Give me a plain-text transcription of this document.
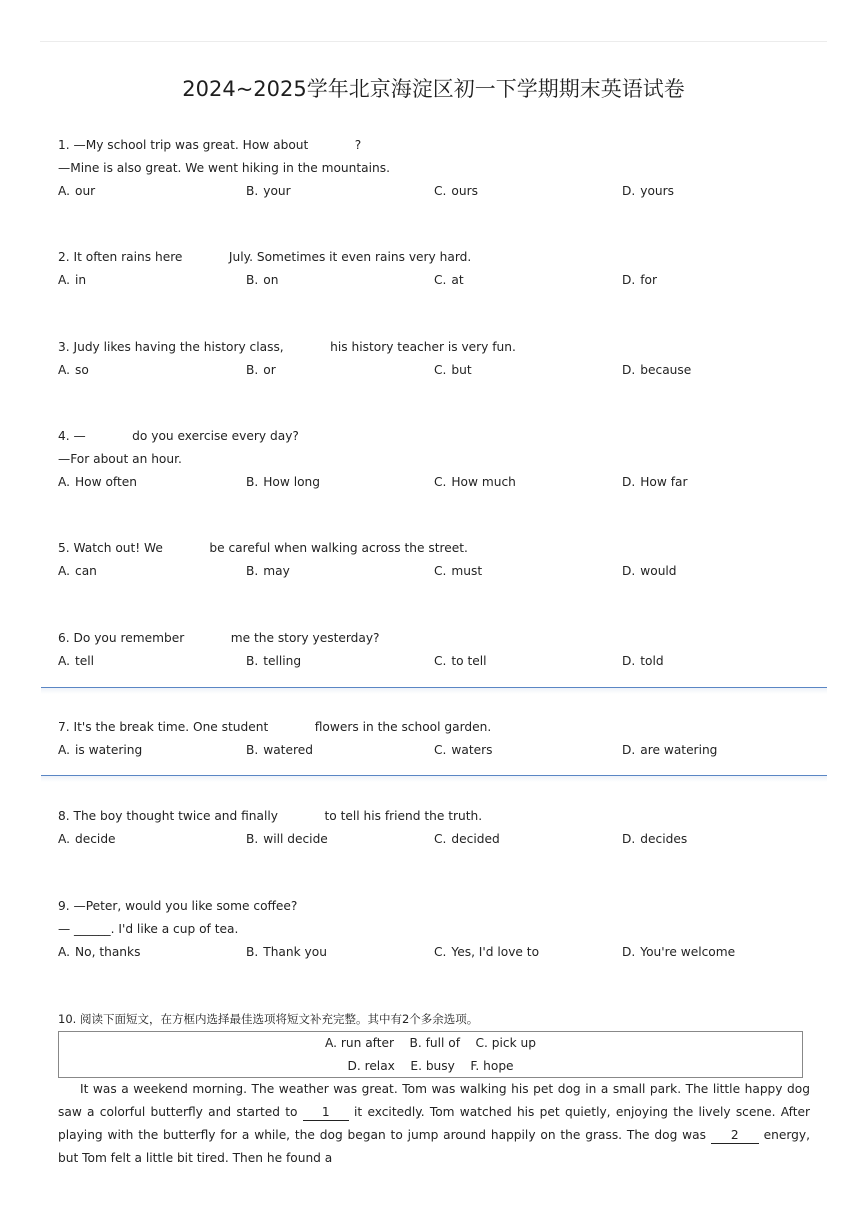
2024~2025学年北京海淀区初一下学期期末英语试卷
1. —My school trip was great. How about            ?
—Mine is also great. We went hiking in the mountains.
A. our	B. your	C. ours	D. yours
2. It often rains here            July. Sometimes it even rains very hard.
A. in	B. on	C. at	D. for
3. Judy likes having the history class,            his history teacher is very fun.
A. so	B. or	C. but	D. because
4. —            do you exercise every day?
—For about an hour.
A. How often	B. How long	C. How much	D. How far
5. Watch out! We            be careful when walking across the street.
A. can	B. may	C. must	D. would
6. Do you remember            me the story yesterday?
A. tell	B. telling	C. to tell	D. told
7. It's the break time. One student            flowers in the school garden.
A. is watering	B. watered	C. waters	D. are watering
8. The boy thought twice and finally            to tell his friend the truth.
A. decide	B. will decide	C. decided	D. decides
9. —Peter, would you like some coffee?
— ______. I'd like a cup of tea.
A. No, thanks	B. Thank you	C. Yes, I'd love to	D. You're welcome
10. 阅读下面短文，在方框内选择最佳选项将短文补充完整。其中有2个多余选项。
A. run after    B. full of    C. pick up
D. relax    E. busy    F. hope
It was a weekend morning. The weather was great. Tom was walking his pet dog in a small park. The little happy dog saw a colorful butterfly and started to 1 it excitedly. Tom watched his pet quietly, enjoying the lively scene. After playing with the butterfly for a while, the dog began to jump around happily on the grass. The dog was 2 energy, but Tom felt a little bit tired. Then he found a
